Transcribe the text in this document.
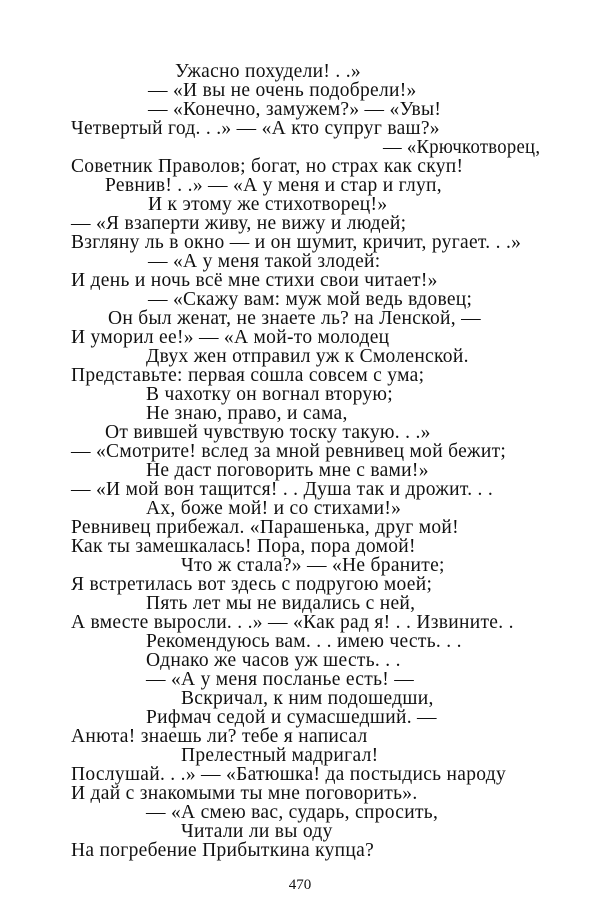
Ужасно похудели! . .»
— «И вы не очень подобрели!»
— «Конечно, замужем?» — «Увы!
Четвертый год. . .» — «А кто супруг ваш?»
— «Крючкотворец,
Советник Праволов; богат, но страх как скуп!
Ревнив! . .» — «А у меня и стар и глуп,
И к этому же стихотворец!»
— «Я взаперти живу, не вижу и людей;
Взгляну ль в окно — и он шумит, кричит, ругает. . .»
— «А у меня такой злодей:
И день и ночь всё мне стихи свои читает!»
— «Скажу вам: муж мой ведь вдовец;
Он был женат, не знаете ль? на Ленской, —
И уморил ее!» — «А мой-то молодец
Двух жен отправил уж к Смоленской.
Представьте: первая сошла совсем с ума;
В чахотку он вогнал вторую;
Не знаю, право, и сама,
От вившей чувствую тоску такую. . .»
— «Смотрите! вслед за мной ревнивец мой бежит;
Не даст поговорить мне с вами!»
— «И мой вон тащится! . . Душа так и дрожит. . .
Ах, боже мой! и со стихами!»
Ревнивец прибежал. «Парашенька, друг мой!
Как ты замешкалась! Пора, пора домой!
Что ж стала?» — «Не браните;
Я встретилась вот здесь с подругою моей;
Пять лет мы не видались с ней,
А вместе выросли. . .» — «Как рад я! . . Извините. .
Рекомендуюсь вам. . . имею честь. . .
Однако же часов уж шесть. . .
— «А у меня посланье есть! —
Вскричал, к ним подошедши,
Рифмач седой и сумасшедший. —
Анюта! знаешь ли? тебе я написал
Прелестный мадригал!
Послушай. . .» — «Батюшка! да постыдись народу
И дай с знакомыми ты мне поговорить».
— «А смею вас, сударь, спросить,
Читали ли вы оду
На погребение Прибыткина купца?
470
